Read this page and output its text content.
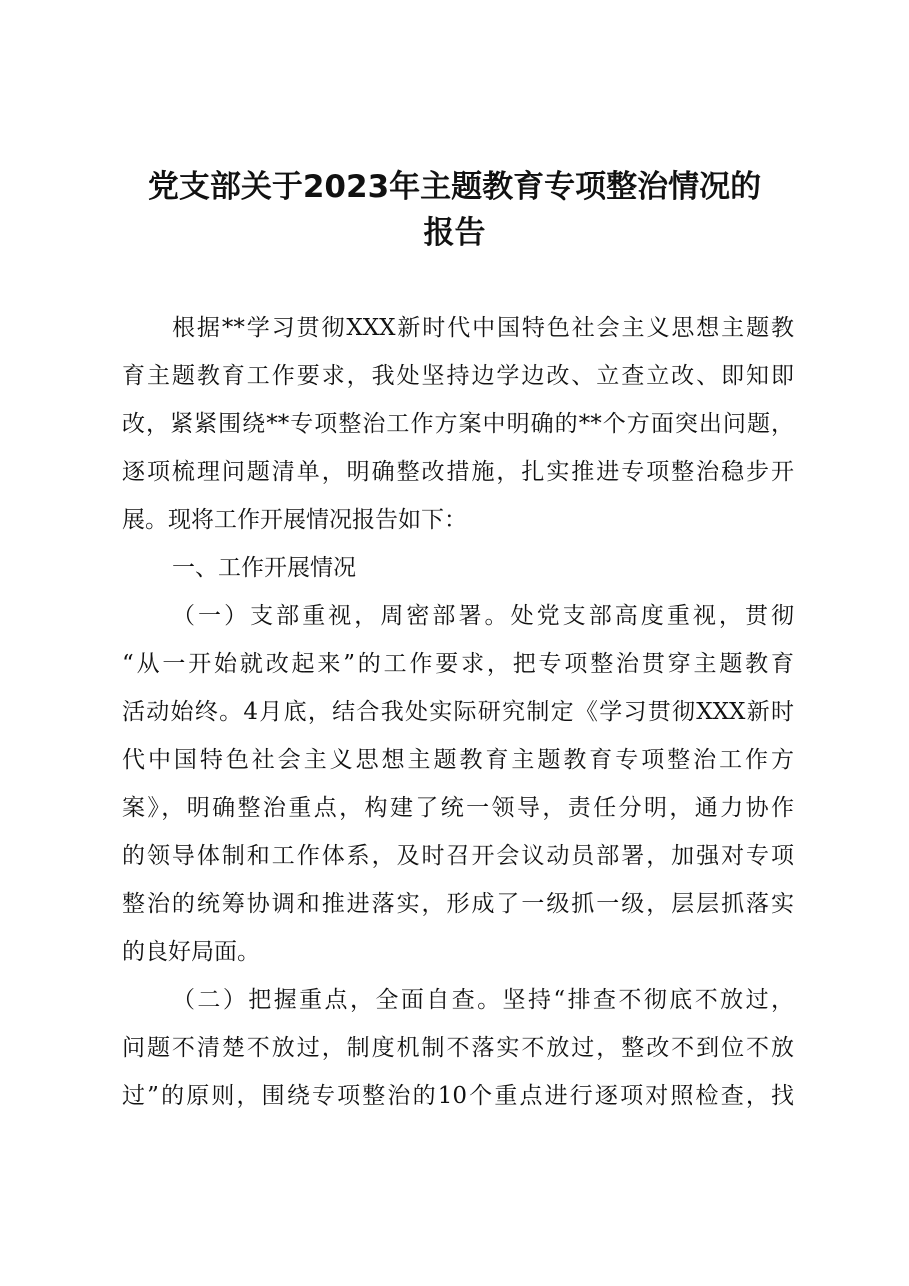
党支部关于2023年主题教育专项整治情况的
报告
根据**学习贯彻XXX新时代中国特色社会主义思想主题教
育主题教育工作要求，我处坚持边学边改、立查立改、即知即
改，紧紧围绕**专项整治工作方案中明确的**个方面突出问题，
逐项梳理问题清单，明确整改措施，扎实推进专项整治稳步开
展。现将工作开展情况报告如下：
一、工作开展情况
（一）支部重视，周密部署。处党支部高度重视，贯彻
“从一开始就改起来”的工作要求，把专项整治贯穿主题教育
活动始终。4月底，结合我处实际研究制定《学习贯彻XXX新时
代中国特色社会主义思想主题教育主题教育专项整治工作方
案》，明确整治重点，构建了统一领导，责任分明，通力协作
的领导体制和工作体系，及时召开会议动员部署，加强对专项
整治的统筹协调和推进落实，形成了一级抓一级，层层抓落实
的良好局面。
（二）把握重点，全面自查。坚持“排查不彻底不放过，
问题不清楚不放过，制度机制不落实不放过，整改不到位不放
过”的原则，围绕专项整治的10个重点进行逐项对照检查，找
